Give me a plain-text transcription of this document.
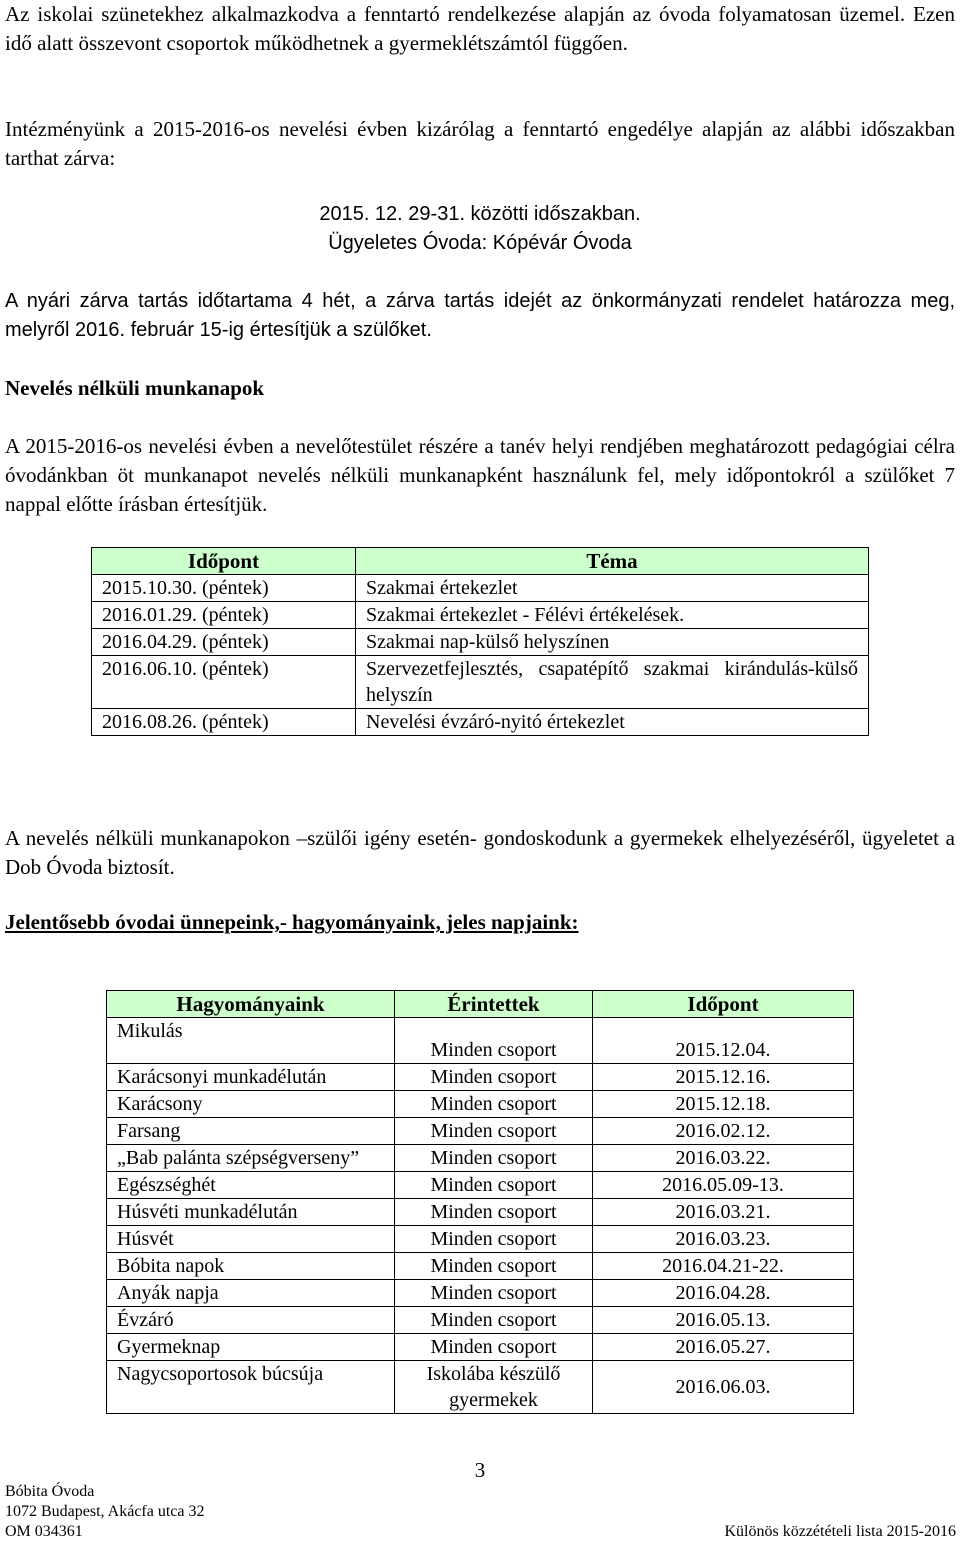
Az iskolai szünetekhez alkalmazkodva a fenntartó rendelkezése alapján az óvoda folyamatosan üzemel. Ezen idő alatt összevont csoportok működhetnek a gyermeklétszámtól függően.

Intézményünk a 2015-2016-os nevelési évben kizárólag a fenntartó engedélye alapján az alábbi időszakban tarthat zárva:

2015. 12. 29-31. közötti időszakban.
Ügyeletes Óvoda: Kópévár Óvoda

A nyári zárva tartás időtartama 4 hét, a zárva tartás idejét az önkormányzati rendelet határozza meg, melyről 2016. február 15-ig értesítjük a szülőket.

Nevelés nélküli munkanapok

A 2015-2016-os nevelési évben a nevelőtestület részére a tanév helyi rendjében meghatározott pedagógiai célra óvodánkban öt munkanapot nevelés nélküli munkanapként használunk fel, mely időpontokról a szülőket 7 nappal előtte írásban értesítjük.

Időpont	Téma
2015.10.30. (péntek)	Szakmai értekezlet
2016.01.29. (péntek)	Szakmai értekezlet - Félévi értékelések.
2016.04.29. (péntek)	Szakmai nap-külső helyszínen
2016.06.10. (péntek)	Szervezetfejlesztés, csapatépítő szakmai kirándulás-külső helyszín
2016.08.26. (péntek)	Nevelési évzáró-nyitó értekezlet

A nevelés nélküli munkanapokon –szülői igény esetén- gondoskodunk a gyermekek elhelyezéséről, ügyeletet a Dob Óvoda biztosít.

Jelentősebb óvodai ünnepeink,- hagyományaink, jeles napjaink:
Hagyományaink	Érintettek	Időpont
Mikulás	Minden csoport	2015.12.04.
Karácsonyi munkadélután	Minden csoport	2015.12.16.
Karácsony	Minden csoport	2015.12.18.
Farsang	Minden csoport	2016.02.12.
„Bab palánta szépségverseny”	Minden csoport	2016.03.22.
Egészséghét	Minden csoport	2016.05.09-13.
Húsvéti munkadélután	Minden csoport	2016.03.21.
Húsvét	Minden csoport	2016.03.23.
Bóbita napok	Minden csoport	2016.04.21-22.
Anyák napja	Minden csoport	2016.04.28.
Évzáró	Minden csoport	2016.05.13.
Gyermeknap	Minden csoport	2016.05.27.
Nagycsoportosok búcsúja	Iskolába készülő gyermekek	2016.06.03.
3
Bóbita Óvoda
1072 Budapest, Akácfa utca 32
OM 034361	Különös közzétételi lista 2015-2016
